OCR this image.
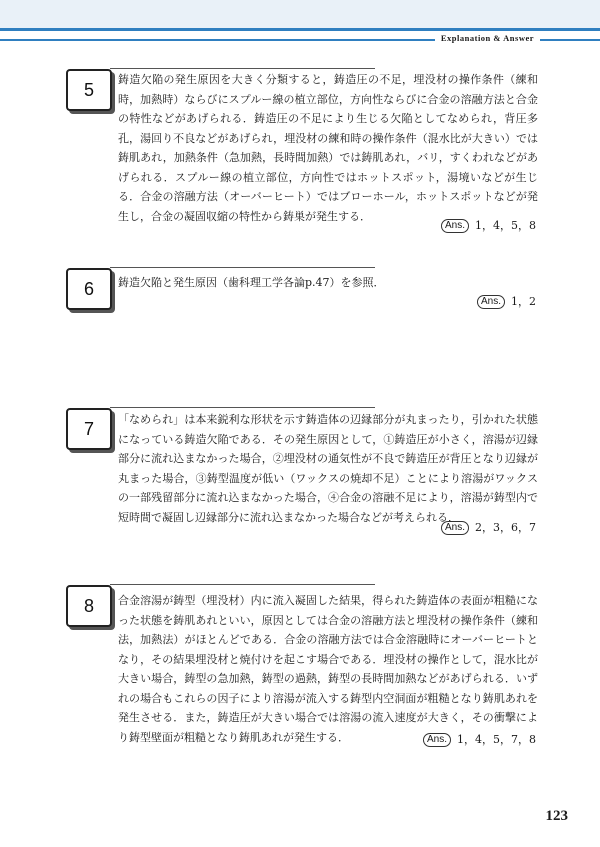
Explanation & Answer
5	鋳造欠陥の発生原因を大きく分類すると，鋳造圧の不足，埋没材の操作条件（練和時，加熱時）ならびにスプルー線の植立部位，方向性ならびに合金の溶融方法と合金の特性などがあげられる．鋳造圧の不足により生じる欠陥としてなめられ，背圧多孔，湯回り不良などがあげられ，埋没材の練和時の操作条件（混水比が大きい）では鋳肌あれ，加熱条件（急加熱，長時間加熱）では鋳肌あれ，バリ，すくわれなどがあげられる．スプルー線の植立部位，方向性ではホットスポット，湯境いなどが生じる．合金の溶融方法（オーバーヒート）ではブローホール，ホットスポットなどが発生し，合金の凝固収縮の特性から鋳巣が発生する．

Ans. 1，4，5，8
6	鋳造欠陥と発生原因（歯科理工学各論p.47）を参照．

Ans. 1，2
7	「なめられ」は本来鋭利な形状を示す鋳造体の辺縁部分が丸まったり，引かれた状態になっている鋳造欠陥である．その発生原因として，①鋳造圧が小さく，溶湯が辺縁部分に流れ込まなかった場合，②埋没材の通気性が不良で鋳造圧が背圧となり辺縁が丸まった場合，③鋳型温度が低い（ワックスの焼却不足）ことにより溶湯がワックスの一部残留部分に流れ込まなかった場合，④合金の溶融不足により，溶湯が鋳型内で短時間で凝固し辺縁部分に流れ込まなかった場合などが考えられる．

Ans. 2，3，6，7
8	合金溶湯が鋳型（埋没材）内に流入凝固した結果，得られた鋳造体の表面が粗糙になった状態を鋳肌あれといい，原因としては合金の溶融方法と埋没材の操作条件（練和法，加熱法）がほとんどである．合金の溶融方法では合金溶融時にオーバーヒートとなり，その結果埋没材と焼付けを起こす場合である．埋没材の操作として，混水比が大きい場合，鋳型の急加熱，鋳型の過熱，鋳型の長時間加熱などがあげられる．いずれの場合もこれらの因子により溶湯が流入する鋳型内空洞面が粗糙となり鋳肌あれを発生させる．また，鋳造圧が大きい場合では溶湯の流入速度が大きく，その衝撃により鋳型壁面が粗糙となり鋳肌あれが発生する．	Ans. 1，4，5，7，8
123
